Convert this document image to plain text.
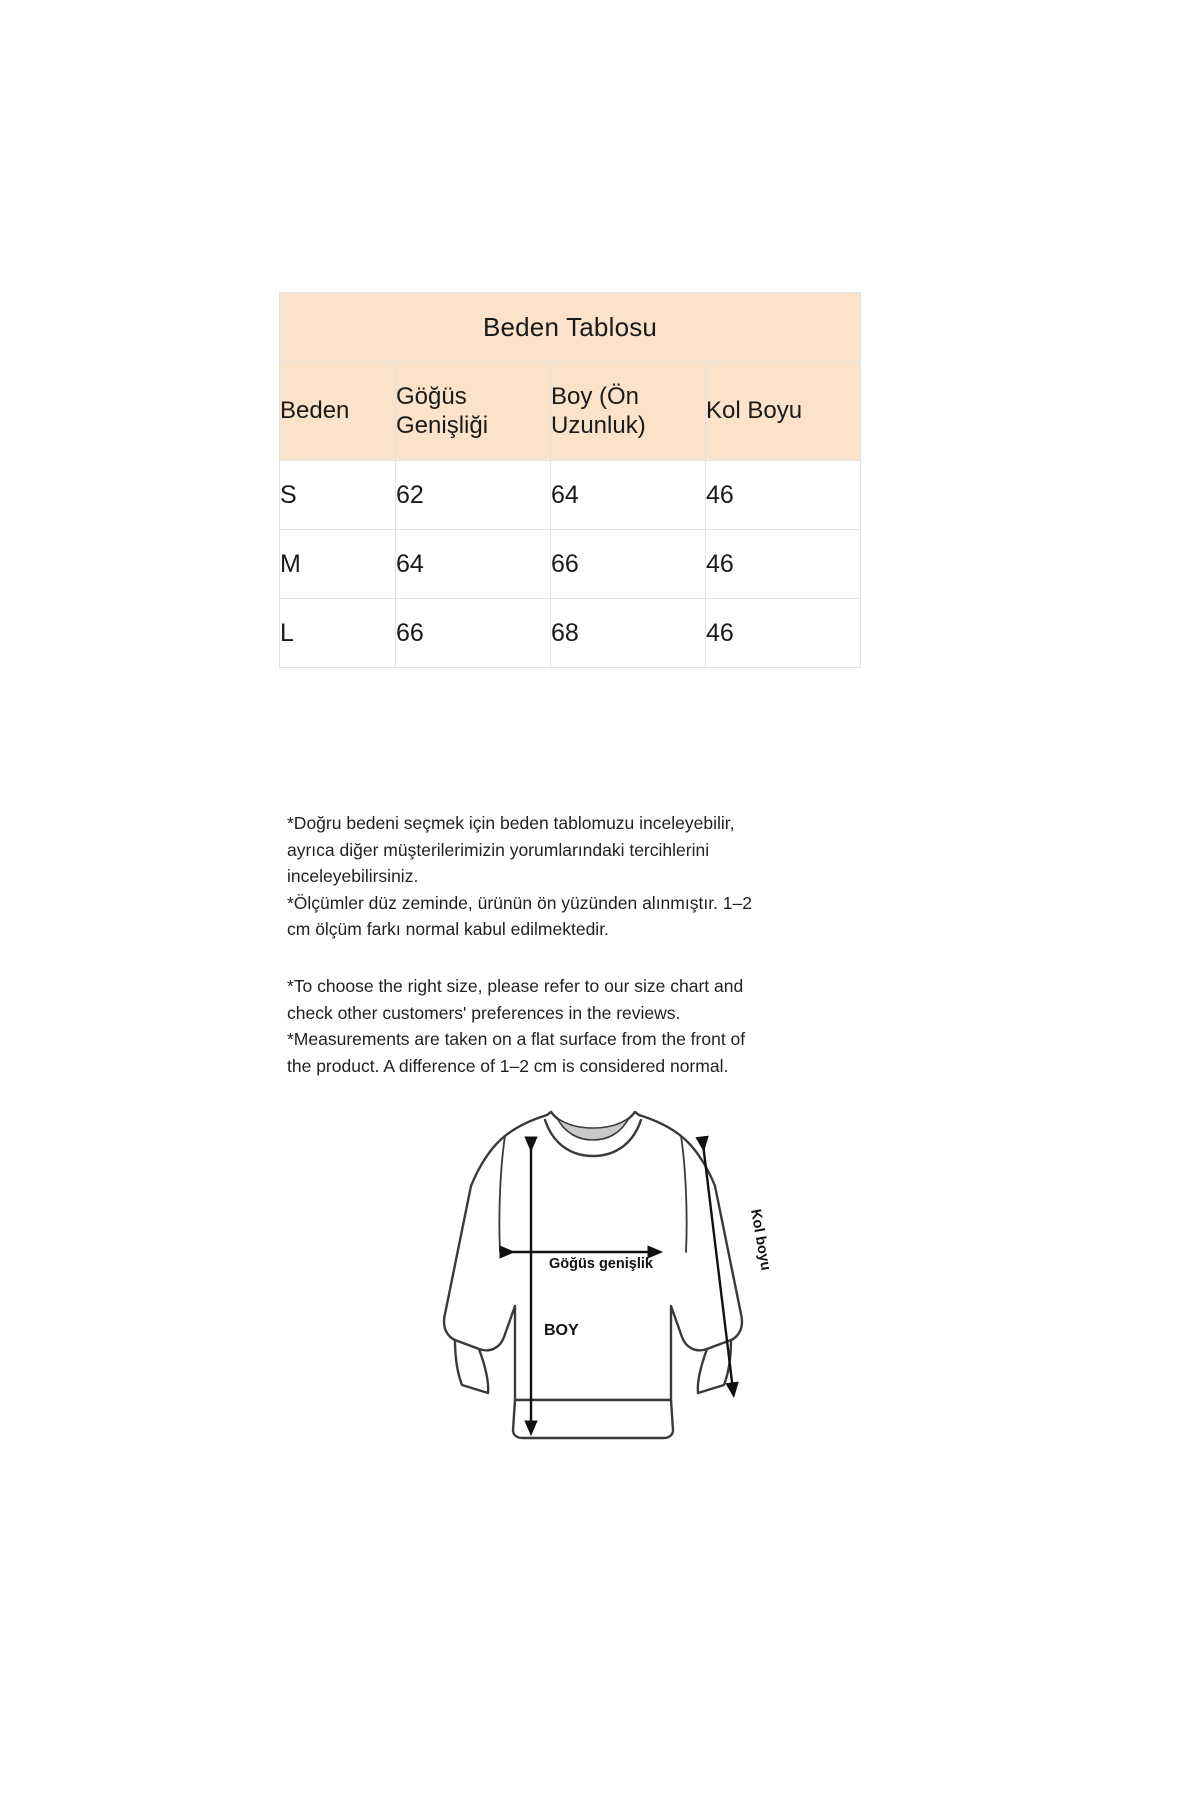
Beden Tablosu			
Beden	Göğüs Genişliği	Boy (Ön Uzunluk)	Kol Boyu
S	62	64	46
M	64	66	46
L	66	68	46
*Doğru bedeni seçmek için beden tablomuzu inceleyebilir,
ayrıca diğer müşterilerimizin yorumlarındaki tercihlerini
inceleyebilirsiniz.
*Ölçümler düz zeminde, ürünün ön yüzünden alınmıştır. 1–2
cm ölçüm farkı normal kabul edilmektedir.
*To choose the right size, please refer to our size chart and
check other customers' preferences in the reviews.
*Measurements are taken on a flat surface from the front of
the product. A difference of 1–2 cm is considered normal.
Göğüs genişlik
BOY
Kol boyu
